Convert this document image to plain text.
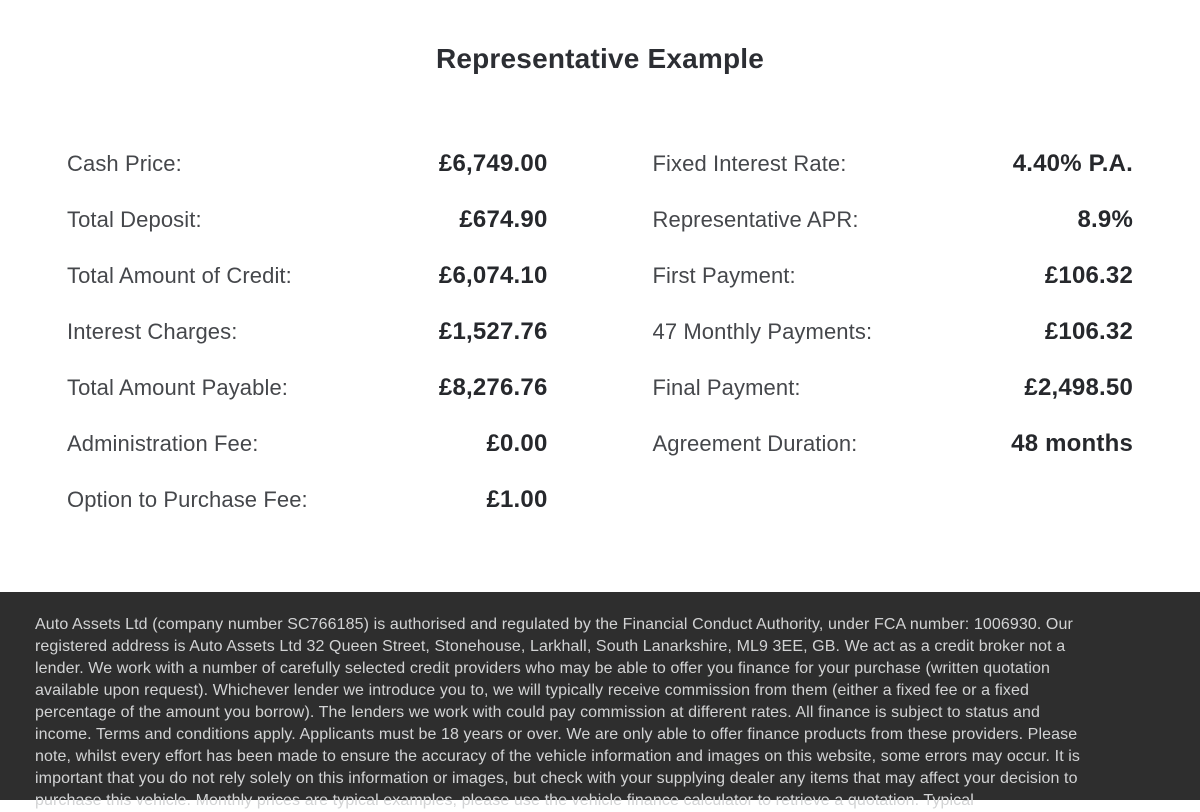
Representative Example
Cash Price:	£6,749.00
Total Deposit:	£674.90
Total Amount of Credit:	£6,074.10
Interest Charges:	£1,527.76
Total Amount Payable:	£8,276.76
Administration Fee:	£0.00
Option to Purchase Fee:	£1.00
Fixed Interest Rate:	4.40% P.A.
Representative APR:	8.9%
First Payment:	£106.32
47 Monthly Payments:	£106.32
Final Payment:	£2,498.50
Agreement Duration:	48 months
Auto Assets Ltd (company number SC766185) is authorised and regulated by the Financial Conduct Authority, under FCA number: 1006930. Our
registered address is Auto Assets Ltd 32 Queen Street, Stonehouse, Larkhall, South Lanarkshire, ML9 3EE, GB. We act as a credit broker not a
lender. We work with a number of carefully selected credit providers who may be able to offer you finance for your purchase (written quotation
available upon request). Whichever lender we introduce you to, we will typically receive commission from them (either a fixed fee or a fixed
percentage of the amount you borrow). The lenders we work with could pay commission at different rates. All finance is subject to status and
income. Terms and conditions apply. Applicants must be 18 years or over. We are only able to offer finance products from these providers. Please
note, whilst every effort has been made to ensure the accuracy of the vehicle information and images on this website, some errors may occur. It is
important that you do not rely solely on this information or images, but check with your supplying dealer any items that may affect your decision to
purchase this vehicle. Monthly prices are typical examples, please use the vehicle finance calculator to retrieve a quotation. Typical
